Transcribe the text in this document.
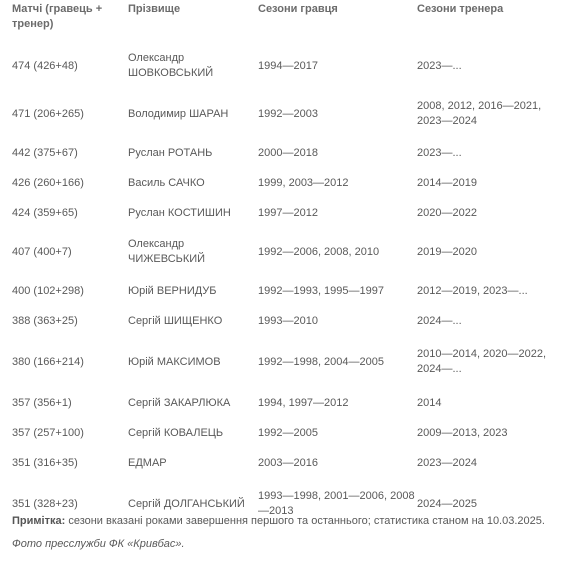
Матчі (гравець + тренер)	Прізвище	Сезони гравця	Сезони тренера
474 (426+48)	Олександр ШОВКОВСЬКИЙ	1994—2017	2023—...
471 (206+265)	Володимир ШАРАН	1992—2003	2008, 2012, 2016—2021, 2023—2024
442 (375+67)	Руслан РОТАНЬ	2000—2018	2023—...
426 (260+166)	Василь САЧКО	1999, 2003—2012	2014—2019
424 (359+65)	Руслан КОСТИШИН	1997—2012	2020—2022
407 (400+7)	Олександр ЧИЖЕВСЬКИЙ	1992—2006, 2008, 2010	2019—2020
400 (102+298)	Юрій ВЕРНИДУБ	1992—1993, 1995—1997	2012—2019, 2023—...
388 (363+25)	Сергій ШИЩЕНКО	1993—2010	2024—...
380 (166+214)	Юрій МАКСИМОВ	1992—1998, 2004—2005	2010—2014, 2020—2022, 2024—...
357 (356+1)	Сергій ЗАКАРЛЮКА	1994, 1997—2012	2014
357 (257+100)	Сергій КОВАЛЕЦЬ	1992—2005	2009—2013, 2023
351 (316+35)	ЕДМАР	2003—2016	2023—2024
351 (328+23)	Сергій ДОЛГАНСЬКИЙ	1993—1998, 2001—2006, 2008—2013	2024—2025

Примітка: сезони вказані роками завершення першого та останнього; статистика станом на 10.03.2025.

Фото пресслужби ФК «Кривбас».
